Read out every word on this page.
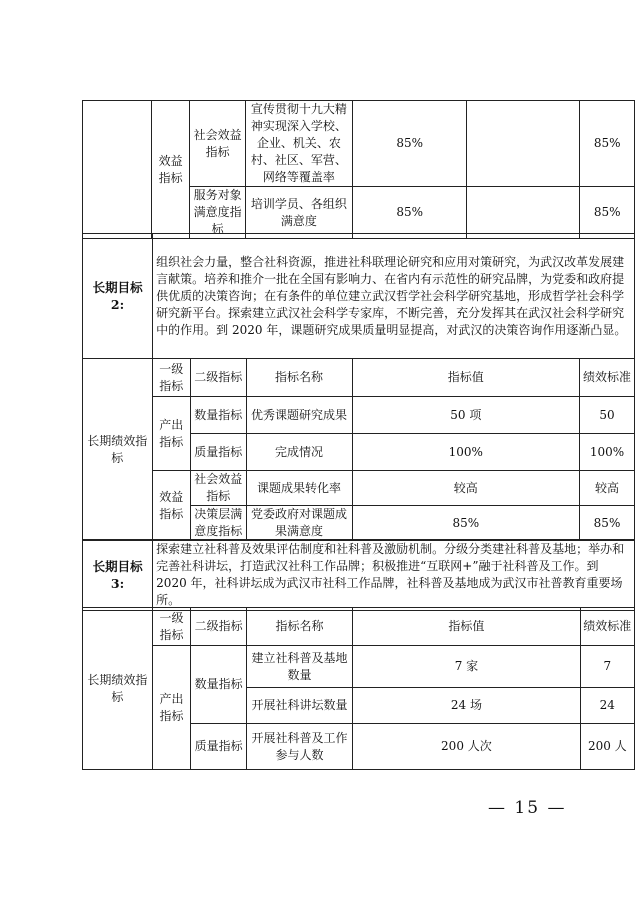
	效益指标	社会效益指标	宣传贯彻十九大精神实现深入学校、企业、机关、农村、社区、军营、网络等覆盖率	85%		85%
		服务对象满意度指标	培训学员、各组织满意度	85%		85%
长期目标 2:	组织社会力量，整合社科资源，推进社科联理论研究和应用对策研究，为武汉改革发展建言献策。培养和推介一批在全国有影响力、在省内有示范性的研究品牌，为党委和政府提供优质的决策咨询；在有条件的单位建立武汉哲学社会科学研究基地，形成哲学社会科学研究新平台。探索建立武汉社会科学专家库，不断完善，充分发挥其在武汉社会科学研究中的作用。到 2020 年，课题研究成果质量明显提高，对武汉的决策咨询作用逐渐凸显。
长期绩效指标	一级指标	二级指标	指标名称	指标值	绩效标准
	产出指标	数量指标	优秀课题研究成果	50 项	50
		质量指标	完成情况	100%	100%
	效益指标	社会效益指标	课题成果转化率	较高	较高
		决策层满意度指标	党委政府对课题成果满意度	85%	85%
长期目标 3:	探索建立社科普及效果评估制度和社科普及激励机制。分级分类建社科普及基地；举办和完善社科讲坛，打造武汉社科工作品牌；积极推进“互联网+”融于社科普及工作。到 2020 年，社科讲坛成为武汉市社科工作品牌，社科普及基地成为武汉市社普教育重要场所。
长期绩效指标	一级指标	二级指标	指标名称	指标值	绩效标准
	产出指标	数量指标	建立社科普及基地数量	7 家	7
			开展社科讲坛数量	24 场	24
		质量指标	开展社科普及工作参与人数	200 人次	200 人
— 15 —
